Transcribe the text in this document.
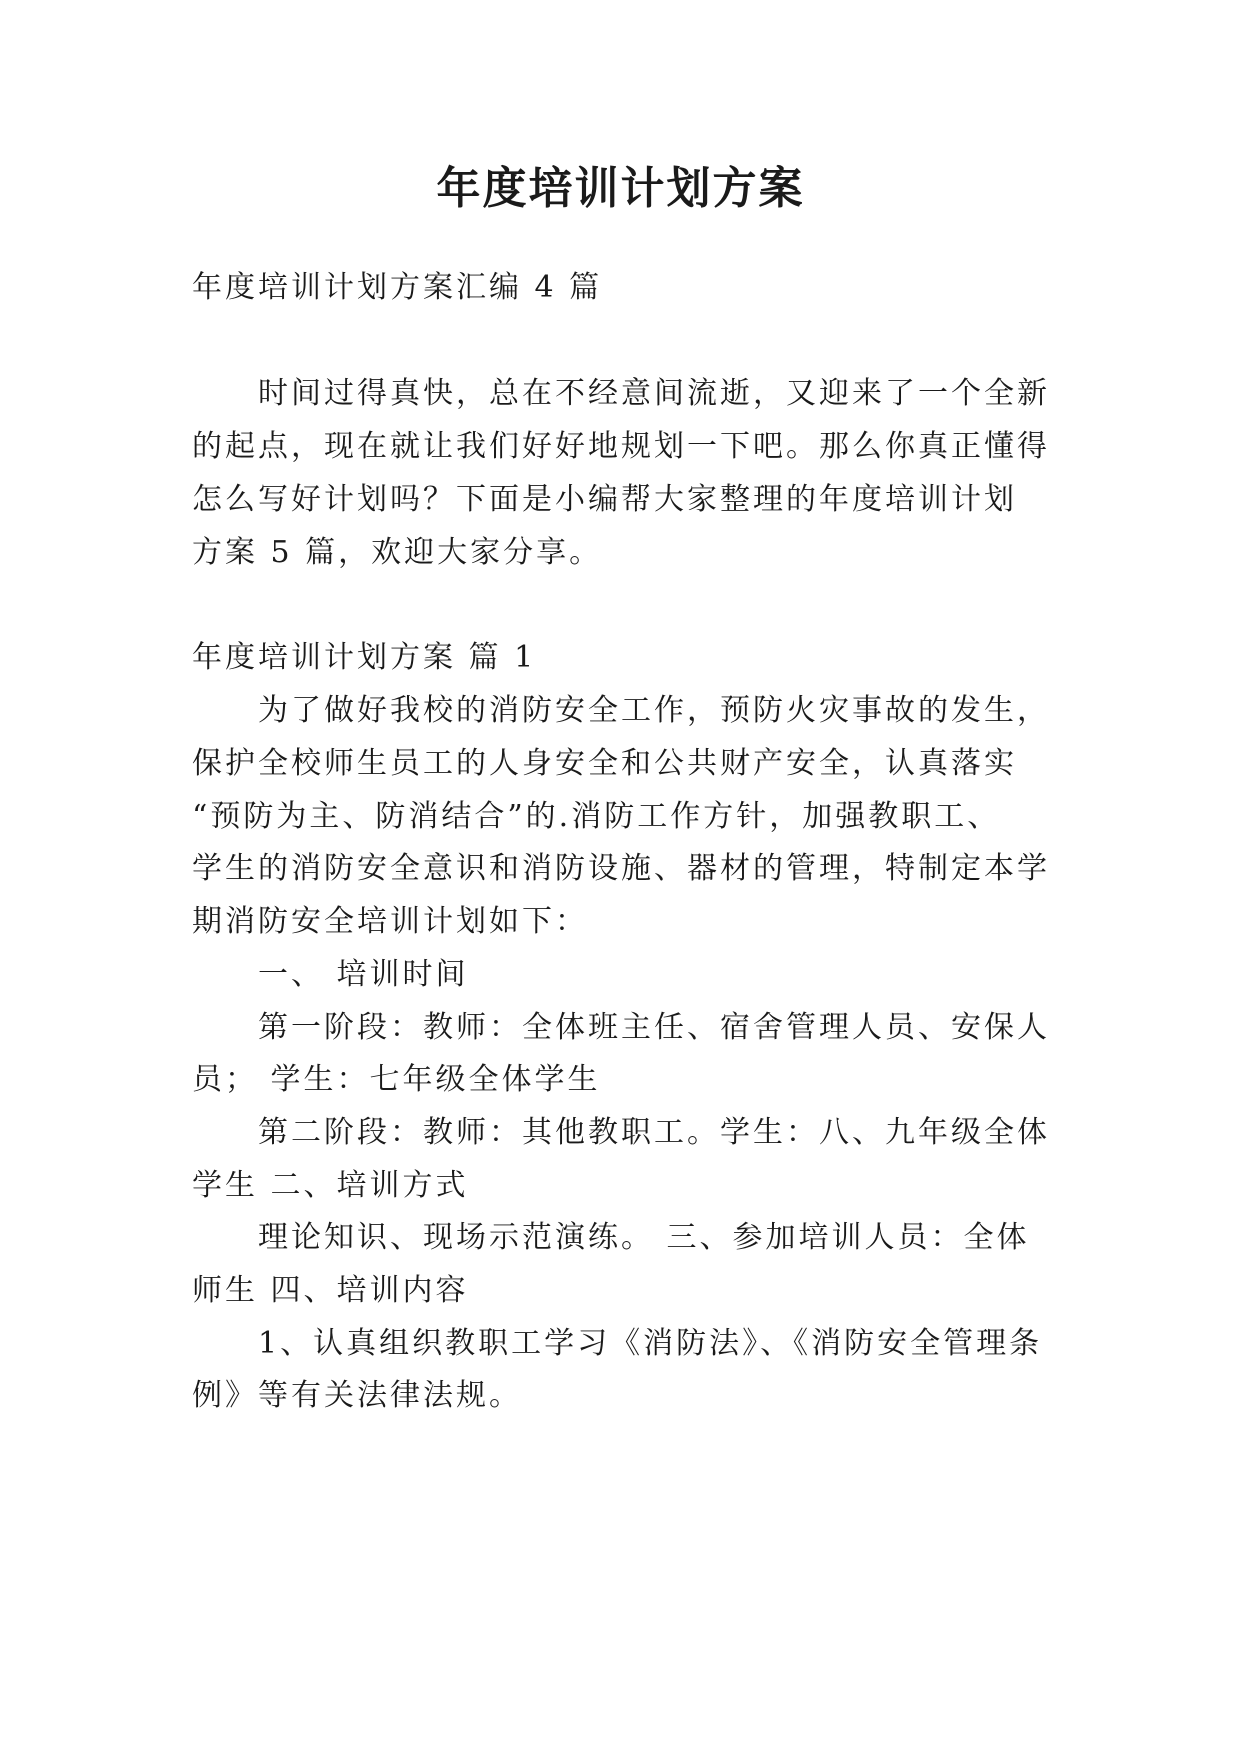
年度培训计划方案
年度培训计划方案汇编 4 篇
时间过得真快，总在不经意间流逝，又迎来了一个全新
的起点，现在就让我们好好地规划一下吧。那么你真正懂得
怎么写好计划吗？下面是小编帮大家整理的年度培训计划
方案 5 篇，欢迎大家分享。
年度培训计划方案 篇 1
为了做好我校的消防安全工作，预防火灾事故的发生，
保护全校师生员工的人身安全和公共财产安全，认真落实
“预防为主、防消结合”的.消防工作方针，加强教职工、
学生的消防安全意识和消防设施、器材的管理，特制定本学
期消防安全培训计划如下：
一、 培训时间
第一阶段：教师：全体班主任、宿舍管理人员、安保人
员； 学生：七年级全体学生
第二阶段：教师：其他教职工。学生：八、九年级全体
学生 二、培训方式
理论知识、现场示范演练。 三、参加培训人员：全体
师生 四、培训内容
1、认真组织教职工学习《消防法》、《消防安全管理条
例》等有关法律法规。
